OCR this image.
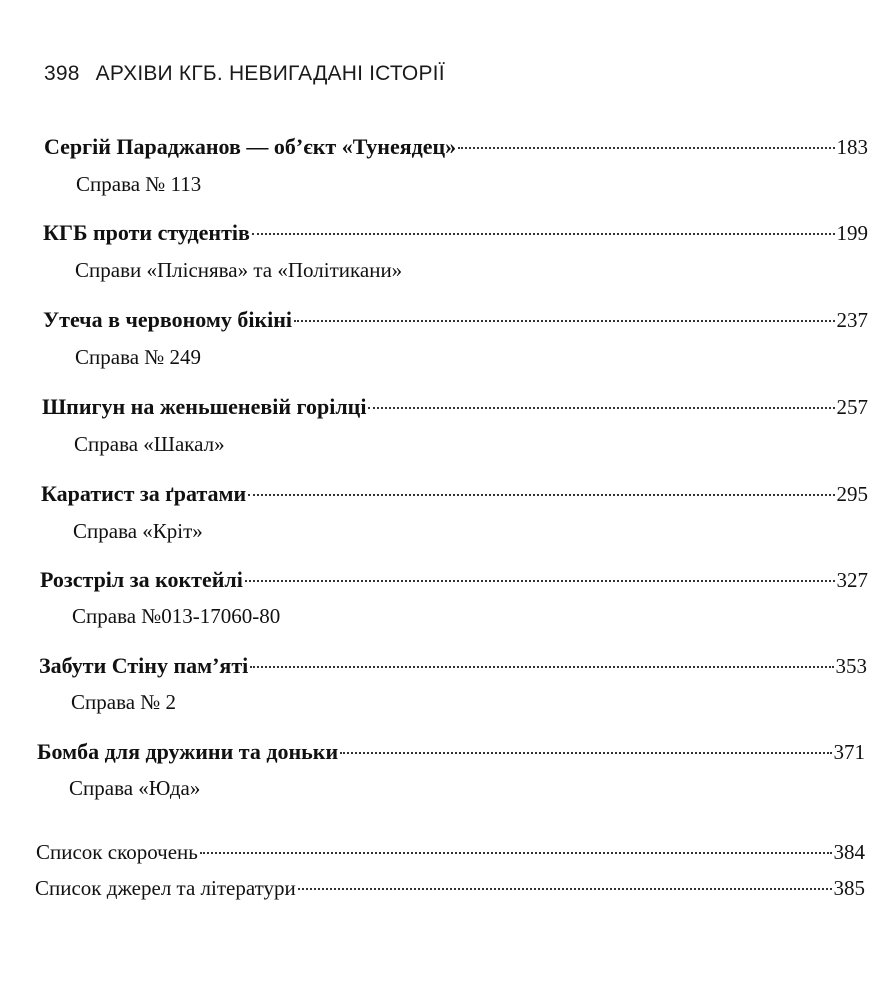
398 АРХІВИ КГБ. НЕВИГАДАНІ ІСТОРІЇ
Сергій Параджанов — об’єкт «Тунеядец»	183
Справа № 113
КГБ проти студентів	199
Справи «Пліснява» та «Політикани»
Утеча в червоному бікіні	237
Справа № 249
Шпигун на женьшеневій горілці	257
Справа «Шакал»
Каратист за ґратами	295
Справа «Кріт»
Розстріл за коктейлі	327
Справа №013-17060-80
Забути Стіну пам’яті	353
Справа № 2
Бомба для дружини та доньки	371
Справа «Юда»
Список скорочень	384
Список джерел та літератури	385
